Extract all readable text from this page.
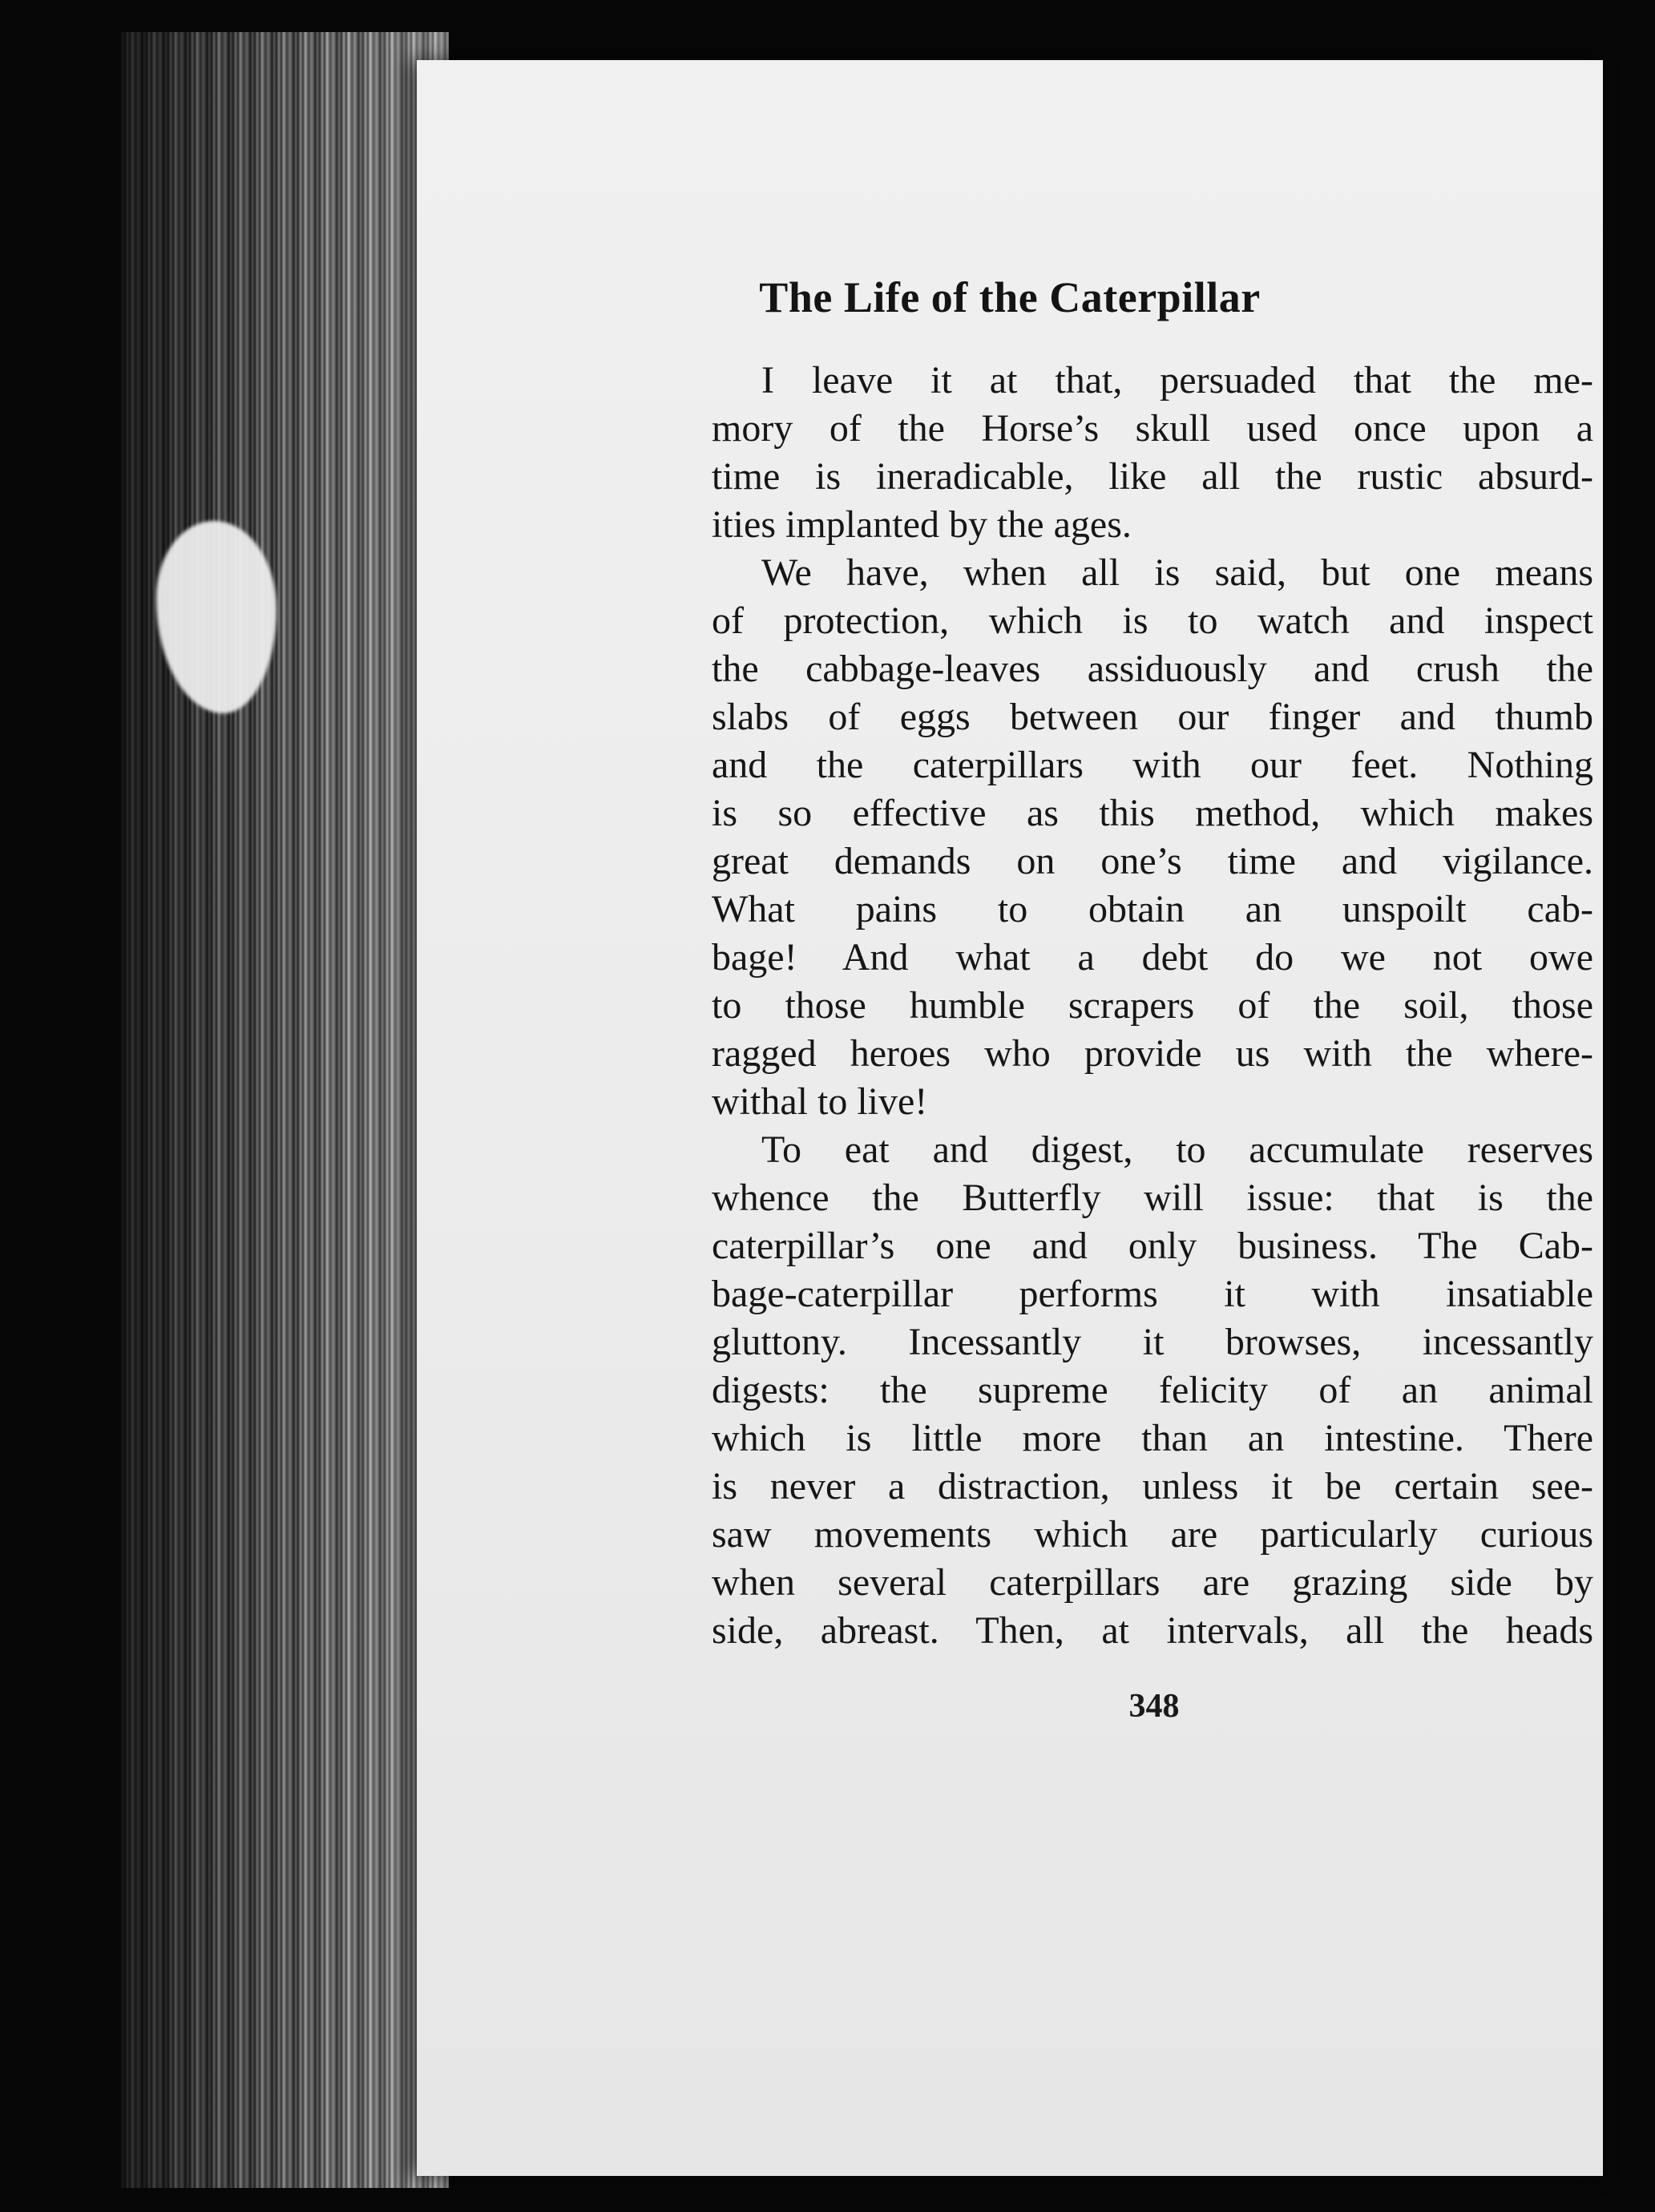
The Life of the Caterpillar
I leave it at that, persuaded that the me-
mory of the Horse’s skull used once upon a
time is ineradicable, like all the rustic absurd-
ities implanted by the ages.
We have, when all is said, but one means
of protection, which is to watch and inspect
the cabbage-leaves assiduously and crush the
slabs of eggs between our finger and thumb
and the caterpillars with our feet. Nothing
is so effective as this method, which makes
great demands on one’s time and vigilance.
What pains to obtain an unspoilt cab-
bage! And what a debt do we not owe
to those humble scrapers of the soil, those
ragged heroes who provide us with the where-
withal to live!
To eat and digest, to accumulate reserves
whence the Butterfly will issue: that is the
caterpillar’s one and only business. The Cab-
bage-caterpillar performs it with insatiable
gluttony. Incessantly it browses, incessantly
digests: the supreme felicity of an animal
which is little more than an intestine. There
is never a distraction, unless it be certain see-
saw movements which are particularly curious
when several caterpillars are grazing side by
side, abreast. Then, at intervals, all the heads
348
